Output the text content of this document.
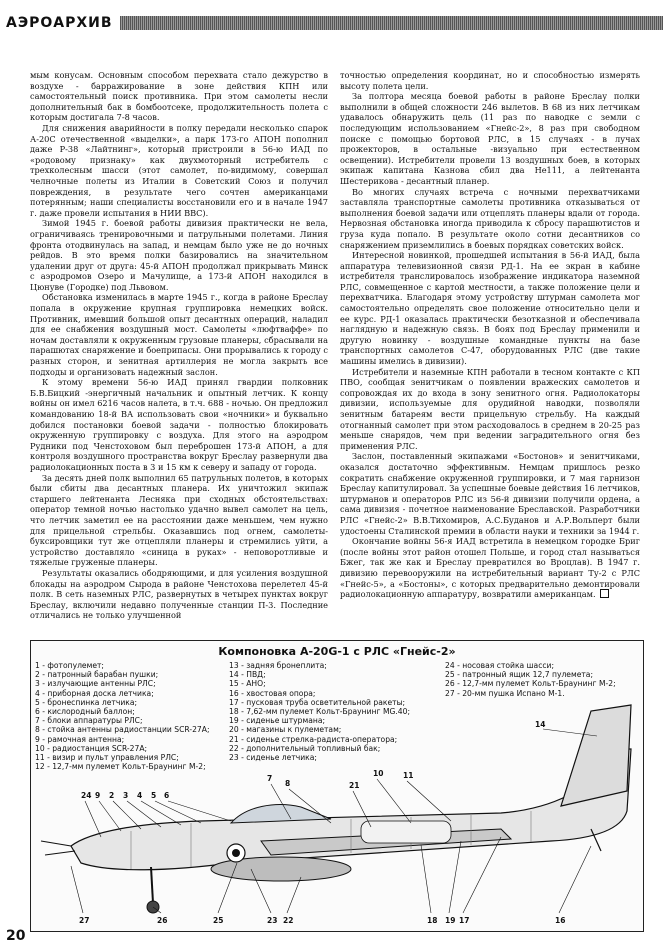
АЭРОАРХИВ

мым конусам. Основным способом перехвата стало дежурство в воздухе - барражирование в зоне действия КПН или самостоятельный поиск противника. При этом самолеты несли дополнительный бак в бомбоотсеке, продолжительность полета с которым достигала 7-8 часов.

Для снижения аварийности в полку передали несколько спарок А-20С отечественной «выделки», а парк 173-го АПОН пополнил даже Р-38 «Лайтнинг», который пристроили в 56-ю ИАД по «родовому признаку» как двухмоторный истребитель с трехколесным шасси (этот самолет, по-видимому, совершал челночные полеты из Италии в Советский Союз и получил повреждения, в результате чего сочтен американцами потерянным; наши специалисты восстановили его и в начале 1947 г. даже провели испытания в НИИ ВВС).

Зимой 1945 г. боевой работы дивизия практически не вела, ограничиваясь тренировочными и патрульными полетами. Линия фронта отодвинулась на запад, и немцам было уже не до ночных рейдов. В это время полки базировались на значительном удалении друг от друга: 45-й АПОН продолжал прикрывать Минск с аэродромов Озеро и Мачулище, а 173-й АПОН находился в Цюнуве (Городке) под Львовом.

Обстановка изменилась в марте 1945 г., когда в районе Бреслау попала в окружение крупная группировка немецких войск. Противник, имевший большой опыт десантных операций, наладил для ее снабжения воздушный мост. Самолеты «люфтваффе» по ночам доставляли к окруженным грузовые планеры, сбрасывали на парашютах снаряжение и боеприпасы. Они прорывались к городу с разных сторон, и зенитная артиллерия не могла закрыть все подходы и организовать надежный заслон.

К этому времени 56-ю ИАД принял гвардии полковник Б.В.Бицкий -энергичный начальник и опытный летчик. К концу войны он имел 6216 часов налета, в т.ч. 688 - ночью. Он предложил командованию 18-й ВА использовать свои «ночники» и буквально добился постановки боевой задачи - полностью блокировать окруженную группировку с воздуха. Для этого на аэродром Рудники под Ченстоховом был переброшен 173-й АПОН, а для контроля воздушного пространства вокруг Бреслау развернули два радиолокационных поста в 3 и 15 км к северу и западу от города.

За десять дней полк выполнил 65 патрульных полетов, в которых были сбиты два десантных планера. Их уничтожил экипаж старшего лейтенанта Лесняка при сходных обстоятельствах: оператор темной ночью настолько удачно вывел самолет на цель, что летчик заметил ее на расстоянии даже меньшем, чем нужно для прицельной стрельбы. Оказавшись под огнем, самолеты-буксировщики тут же отцепляли планеры и стремились уйти, а устройство доставляло «синица в руках» - неповоротливые и тяжелые груженые планеры.

Результаты оказались ободряющими, и для усиления воздушной блокады на аэродром Сырода в районе Ченстохова перелетел 45-й полк. В сеть наземных РЛС, развернутых в четырех пунктах вокруг Бреслау, включили недавно полученные станции П-3. Последние отличались не только улучшенной

точностью определения координат, но и способностью измерять высоту полета цели.

За полтора месяца боевой работы в районе Бреслау полки выполнили в общей сложности 246 вылетов. В 68 из них летчикам удавалось обнаружить цель (11 раз по наводке с земли с последующим использованием «Гнейс-2», 8 раз при свободном поиске с помощью бортовой РЛС, в 15 случаях - в лучах прожекторов, в остальные -визуально при естественном освещении). Истребители провели 13 воздушных боев, в которых экипаж капитана Казнова сбил два Не111, а лейтенанта Шестерикова - десантный планер.

Во многих случаях встреча с ночными перехватчиками заставляла транспортные самолеты противника отказываться от выполнения боевой задачи или отцеплять планеры вдали от города. Нервозная обстановка иногда приводила к сбросу парашютистов и груза куда попало. В результате около сотни десантников со снаряжением приземлились в боевых порядках советских войск.

Интересной новинкой, прошедшей испытания в 56-й ИАД, была аппаратура телевизионной связи РД-1. На ее экран в кабине истребителя транслировалось изображение индикатора наземной РЛС, совмещенное с картой местности, а также положение цели и перехватчика. Благодаря этому устройству штурман самолета мог самостоятельно определять свое положение относительно цели и ее курс. РД-1 оказалась практически безотказной и обеспечивала наглядную и надежную связь. В боях под Бреслау применили и другую новинку - воздушные командные пункты на базе транспортных самолетов С-47, оборудованных РЛС (две такие машины имелись в дивизии).

Истребители и наземные КПН работали в тесном контакте с КП ПВО, сообщая зенитчикам о появлении вражеских самолетов и сопровождая их до входа в зону зенитного огня. Радиолокаторы дивизии, используемые для орудийной наводки, позволяли зенитным батареям вести прицельную стрельбу. На каждый отогнанный самолет при этом расходовалось в среднем в 20-25 раз меньше снарядов, чем при ведении заградительного огня без применения РЛС.

Заслон, поставленный экипажами «Бостонов» и зенитчиками, оказался достаточно эффективным. Немцам пришлось резко сократить снабжение окруженной группировки, и 7 мая гарнизон Бреслау капитулировал. За успешные боевые действия 16 летчиков, штурманов и операторов РЛС из 56-й дивизии получили ордена, а сама дивизия - почетное наименование Бреславской. Разработчики РЛС «Гнейс-2» В.В.Тихомиров, А.С.Буданов и А.Р.Вольперт были удостоены Сталинской премии в области науки и техники за 1944 г.

Окончание войны 56-я ИАД встретила в немецком городке Бриг (после войны этот район отошел Польше, и город стал называться Бжег, так же как и Бреслау превратился во Вроцлав). В 1947 г. дивизию перевооружили на истребительный вариант Ту-2 с РЛС «Гнейс-5», а «Бостоны», с которых предварительно демонтировали радиолокационную аппаратуру, возвратили американцам.

24 9 2 3 4 5 6
7
8	21
10	11
14
18 19 17	16
22
23
25
26
27
Компоновка А-20G-1 с РЛС «Гнейс-2»
1 - фотопулемет;
2 - патронный барабан пушки;
3 - излучающие антенны РЛС;
4 - приборная доска летчика;
5 - бронеспинка летчика;
6 - кислородный баллон;
7 - блоки аппаратуры РЛС;
8 - стойка антенны радиостанции SCR-27А;
9 - рамочная антенна;
10 - радиостанция SCR-27А;
11 - визир и пульт управления РЛС;
12 - 12,7-мм пулемет Кольт-Браунинг М-2;
13 - задняя бронеплита;
14 - ПВД;
15 - АНО;
16 - хвостовая опора;
17 - пусковая труба осветительной ракеты;
18 - 7,62-мм пулемет Кольт-Браунинг MG.40;
19 - сиденье штурмана;
20 - магазины к пулеметам;
21 - сиденье стрелка-радиста-оператора;
22 - дополнительный топливный бак;
23 - сиденье летчика;
24 - носовая стойка шасси;
25 - патронный ящик 12,7 пулемета;
26 - 12,7-мм пулемет Кольт-Браунинг М-2;
27 - 20-мм пушка Испано М-1.
20
